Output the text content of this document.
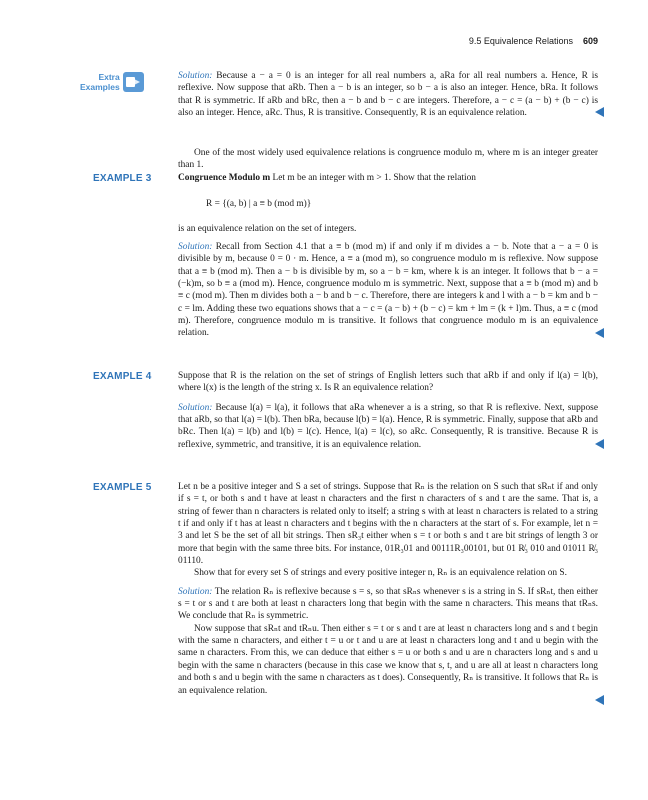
9.5 Equivalence Relations 609
Extra
Examples

Solution: Because a − a = 0 is an integer for all real numbers a, aRa for all real numbers a. Hence, R is reflexive. Now suppose that aRb. Then a − b is an integer, so b − a is also an integer. Hence, bRa. It follows that R is symmetric. If aRb and bRc, then a − b and b − c are integers. Therefore, a − c = (a − b) + (b − c) is also an integer. Hence, aRc. Thus, R is transitive. Consequently, R is an equivalence relation.

One of the most widely used equivalence relations is congruence modulo m, where m is an integer greater than 1.

EXAMPLE 3	Congruence Modulo m Let m be an integer with m > 1. Show that the relation

R = {(a, b) | a ≡ b (mod m)}

is an equivalence relation on the set of integers.

Solution: Recall from Section 4.1 that a ≡ b (mod m) if and only if m divides a − b. Note that a − a = 0 is divisible by m, because 0 = 0 · m. Hence, a ≡ a (mod m), so congruence modulo m is reflexive. Now suppose that a ≡ b (mod m). Then a − b is divisible by m, so a − b = km, where k is an integer. It follows that b − a = (−k)m, so b ≡ a (mod m). Hence, congruence modulo m is symmetric. Next, suppose that a ≡ b (mod m) and b ≡ c (mod m). Then m divides both a − b and b − c. Therefore, there are integers k and l with a − b = km and b − c = lm. Adding these two equations shows that a − c = (a − b) + (b − c) = km + lm = (k + l)m. Thus, a ≡ c (mod m). Therefore, congruence modulo m is transitive. It follows that congruence modulo m is an equivalence relation.

EXAMPLE 4	Suppose that R is the relation on the set of strings of English letters such that aRb if and only if l(a) = l(b), where l(x) is the length of the string x. Is R an equivalence relation?

Solution: Because l(a) = l(a), it follows that aRa whenever a is a string, so that R is reflexive. Next, suppose that aRb, so that l(a) = l(b). Then bRa, because l(b) = l(a). Hence, R is symmetric. Finally, suppose that aRb and bRc. Then l(a) = l(b) and l(b) = l(c). Hence, l(a) = l(c), so aRc. Consequently, R is transitive. Because R is reflexive, symmetric, and transitive, it is an equivalence relation.

EXAMPLE 5	Let n be a positive integer and S a set of strings. Suppose that Rₙ is the relation on S such that sRₙt if and only if s = t, or both s and t have at least n characters and the first n characters of s and t are the same. That is, a string of fewer than n characters is related only to itself; a string s with at least n characters is related to a string t if and only if t has at least n characters and t begins with the n characters at the start of s. For example, let n = 3 and let S be the set of all bit strings. Then sR₃t either when s = t or both s and t are bit strings of length 3 or more that begin with the same three bits. For instance, 01R₃01 and 00111R₃00101, but 01 R̸₃ 010 and 01011 R̸₃ 01110.

Show that for every set S of strings and every positive integer n, Rₙ is an equivalence relation on S.

Solution: The relation Rₙ is reflexive because s = s, so that sRₙs whenever s is a string in S. If sRₙt, then either s = t or s and t are both at least n characters long that begin with the same n characters. This means that tRₙs. We conclude that Rₙ is symmetric.

Now suppose that sRₙt and tRₙu. Then either s = t or s and t are at least n characters long and s and t begin with the same n characters, and either t = u or t and u are at least n characters long and t and u begin with the same n characters. From this, we can deduce that either s = u or both s and u are n characters long and s and u begin with the same n characters (because in this case we know that s, t, and u are all at least n characters long and both s and u begin with the same n characters as t does). Consequently, Rₙ is transitive. It follows that Rₙ is an equivalence relation.
